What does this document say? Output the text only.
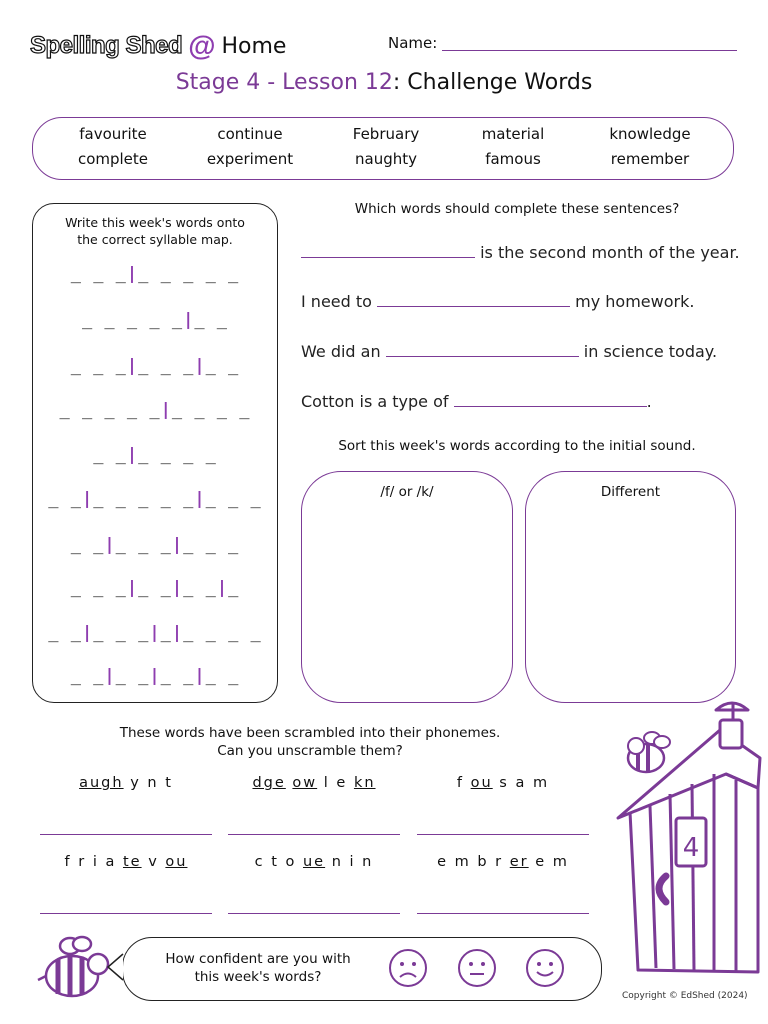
Spelling Shed @ Home	Name:
Stage 4 - Lesson 12: Challenge Words
favourite	continue	February	material	knowledge
complete	experiment	naughty	famous	remember
Write this week's words onto
the correct syllable map.
_ _ _|_ _ _ _ _
_ _ _ _ _|_ _
_ _ _|_ _ _|_ _
_ _ _ _ _|_ _ _ _
_ _|_ _ _ _
_ _|_ _ _ _ _|_ _ _
_ _|_ _ _|_ _ _
_ _ _|_ _|_ _|_
_ _|_ _ _|_|_ _ _ _
_ _|_ _|_ _|_ _
Which words should complete these sentences?
is the second month of the year.
I need to	my homework.
We did an	in science today.
Cotton is a type of	.
Sort this week's words according to the initial sound.
/f/ or /k/	Different
These words have been scrambled into their phonemes.
Can you unscramble them?
augh y n t	dge ow l e kn	f ou s a m
f r i a te v ou	c t o ue n i n	e m b r er e m	4
How confident are you with
this week's words?
Copyright © EdShed (2024)
